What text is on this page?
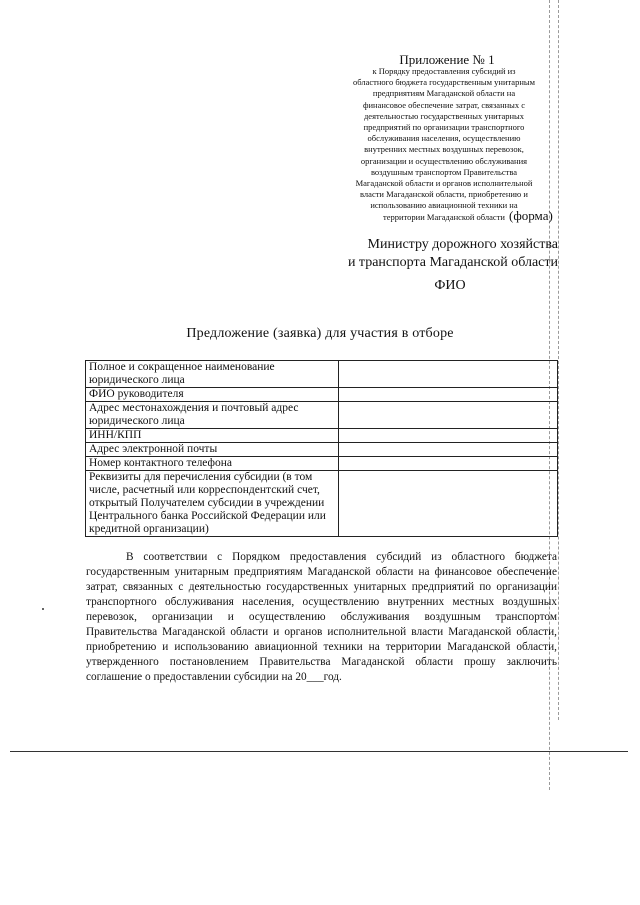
Приложение № 1
к Порядку предоставления субсидий из
областного бюджета государственным унитарным
предприятиям Магаданской области на
финансовое обеспечение затрат, связанных с
деятельностью государственных унитарных
предприятий по организации транспортного
обслуживания населения, осуществлению
внутренних местных воздушных перевозок,
организации и осуществлению обслуживания
воздушным транспортом Правительства
Магаданской области и органов исполнительной
власти Магаданской области, приобретению и
использованию авиационной техники на
территории Магаданской области (форма)
Министру дорожного хозяйства
и транспорта Магаданской области
ФИО
Предложение (заявка) для участия в отборе
Полное и сокращенное наименование юридического лица	
ФИО руководителя	
Адрес местонахождения и почтовый адрес юридического лица	
ИНН/КПП	
Адрес электронной почты	
Номер контактного телефона	
Реквизиты для перечисления субсидии (в том числе, расчетный или корреспондентский счет, открытый Получателем субсидии в учреждении Центрального банка Российской Федерации или кредитной организации)	

В соответствии с Порядком предоставления субсидий из областного бюджета государственным унитарным предприятиям Магаданской области на финансовое обеспечение затрат, связанных с деятельностью государственных унитарных предприятий по организации транспортного обслуживания населения, осуществлению внутренних местных воздушных перевозок, организации и осуществлению обслуживания воздушным транспортом Правительства Магаданской области и органов исполнительной власти Магаданской области, приобретению и использованию авиационной техники на территории Магаданской области, утвержденного постановлением Правительства Магаданской области прошу заключить соглашение о предоставлении субсидии на 20___год.
